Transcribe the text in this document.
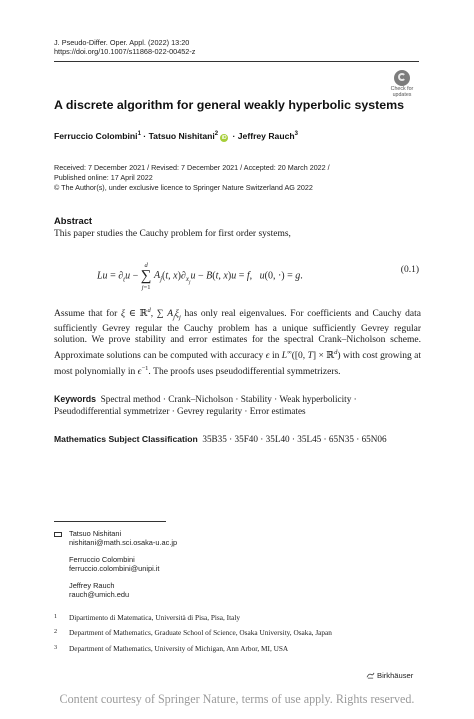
J. Pseudo-Differ. Oper. Appl. (2022) 13:20
https://doi.org/10.1007/s11868-022-00452-z
Check for
updates
A discrete algorithm for general weakly hyperbolic systems
Ferruccio Colombini$^1$ · Tatsuo Nishitani$^2$iD · Jeffrey Rauch$^3$
Received: 7 December 2021 / Revised: 7 December 2021 / Accepted: 20 March 2022 /
Published online: 17 April 2022
© The Author(s), under exclusive licence to Springer Nature Switzerland AG 2022
Abstract
This paper studies the Cauchy problem for first order systems,
$Lu = \partial_tu - d$
∑
j=1 $A_j(t$, $x)\partial_{x_j}u - B(t$, x)u = f,   u(0, ·) = g.
(0.1)
Assume that for ξ ∈ ℝ$^d$, ∑ $A_j\xi_j$ has only real eigenvalues. For coefficients and Cauchy data sufficiently Gevrey regular the Cauchy problem has a unique sufficiently Gevrey regular solution. We prove stability and error estimates for the spectral Crank–Nicholson scheme. Approximate solutions can be computed with accuracy ϵ in L∞([0, T] × ℝ$^d$) with cost growing at most polynomially in $\epsilon^{-1}$. The proofs uses pseudodifferential symmetrizers.
Keywords Spectral method · Crank–Nicholson · Stability · Weak hyperbolicity · Pseudodifferential symmetrizer · Gevrey regularity · Error estimates
Mathematics Subject Classification 35B35 · 35F40 · 35L40 · 35L45 · 65N35 · 65N06
Tatsuo Nishitani
nishitani@math.sci.osaka-u.ac.jp
Ferruccio Colombini
ferruccio.colombini@unipi.it
Jeffrey Rauch
rauch@umich.edu
1 Dipartimento di Matematica, Università di Pisa, Pisa, Italy
2 Department of Mathematics, Graduate School of Science, Osaka University, Osaka, Japan
3 Department of Mathematics, University of Michigan, Ann Arbor, MI, USA
Birkhäuser
Content courtesy of Springer Nature, terms of use apply. Rights reserved.
